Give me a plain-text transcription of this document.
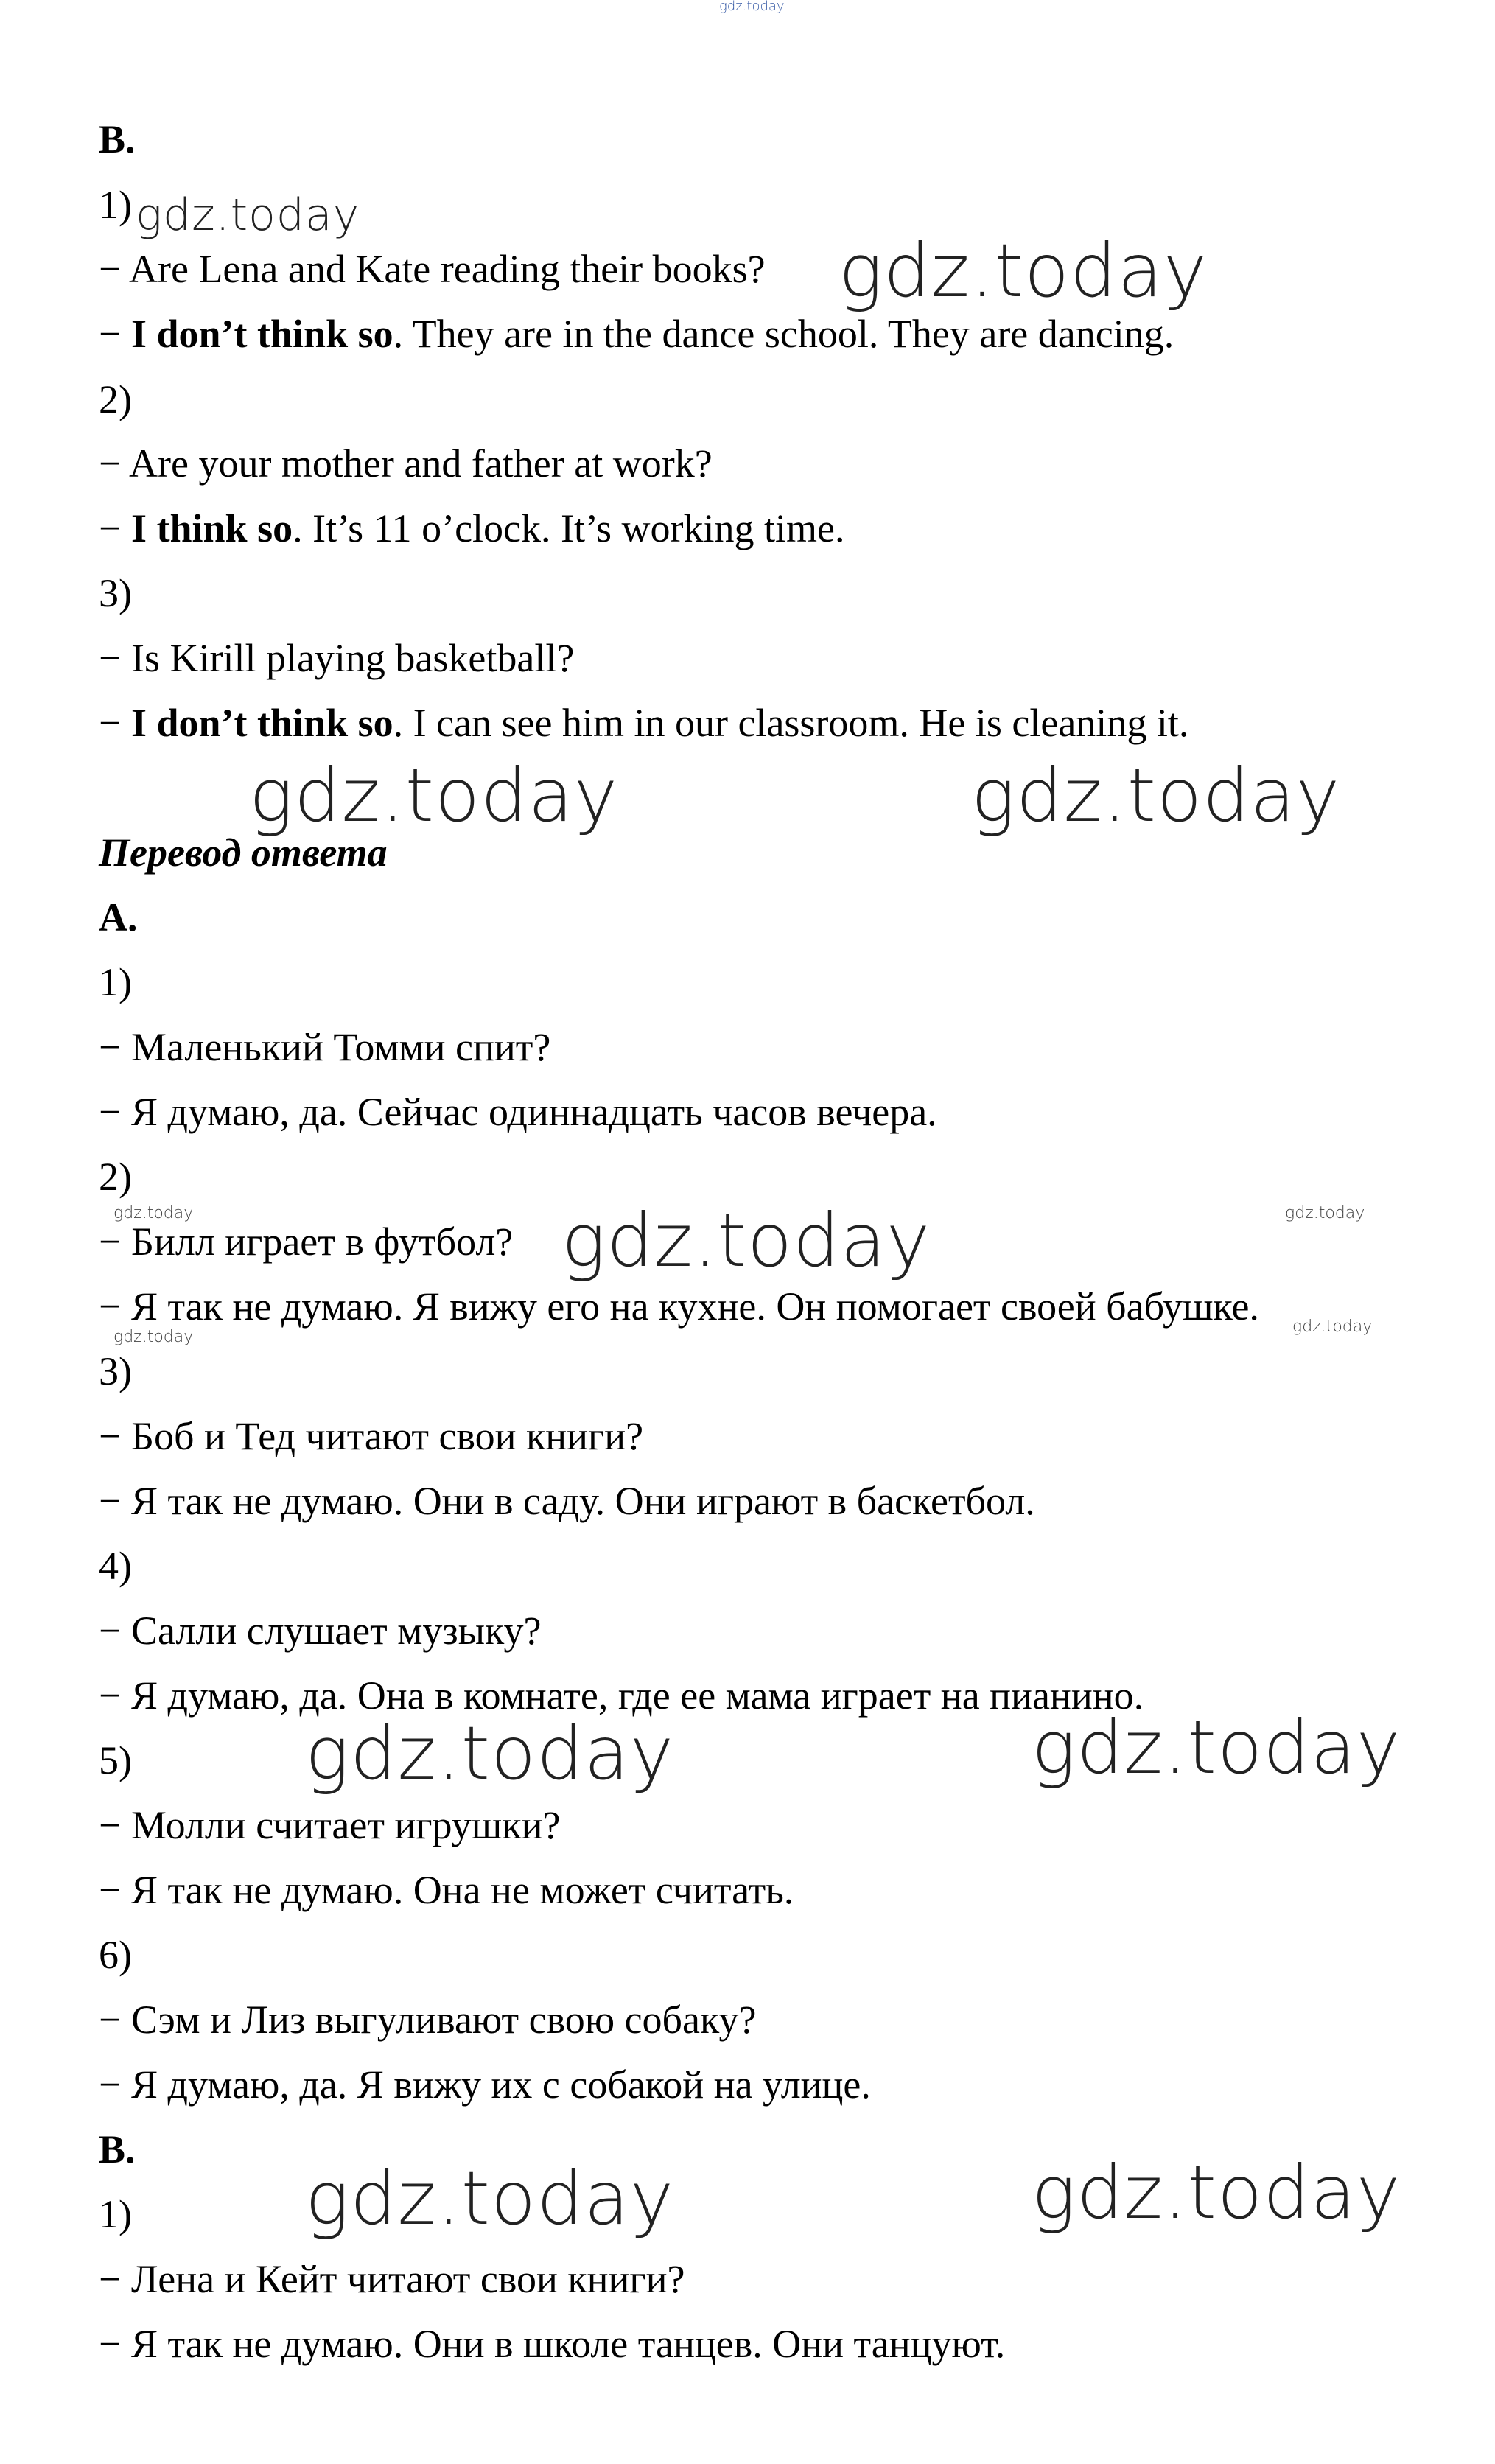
gdz.today
B.
1)
− Are Lena and Kate reading their books?
− I don’t think so. They are in the dance school. They are dancing.
2)
− Are your mother and father at work?
− I think so. It’s 11 o’clock. It’s working time.
3)
− Is Kirill playing basketball?
− I don’t think so. I can see him in our classroom. He is cleaning it.
Перевод ответа
A.
1)
− Маленький Томми спит?
− Я думаю, да. Сейчас одиннадцать часов вечера.
2)
− Билл играет в футбол?
− Я так не думаю. Я вижу его на кухне. Он помогает своей бабушке.
3)
− Боб и Тед читают свои книги?
− Я так не думаю. Они в саду. Они играют в баскетбол.
4)
− Салли слушает музыку?
− Я думаю, да. Она в комнате, где ее мама играет на пианино.
5)
− Молли считает игрушки?
− Я так не думаю. Она не может считать.
6)
− Сэм и Лиз выгуливают свою собаку?
− Я думаю, да. Я вижу их с собакой на улице.
B.
1)
− Лена и Кейт читают свои книги?
− Я так не думаю. Они в школе танцев. Они танцуют.
gdz.today
gdz.today
gdz.today	gdz.today
gdz.today	gdz.today	gdz.today
gdz.today
gdz.today
gdz.today	gdz.today
gdz.today	gdz.today
